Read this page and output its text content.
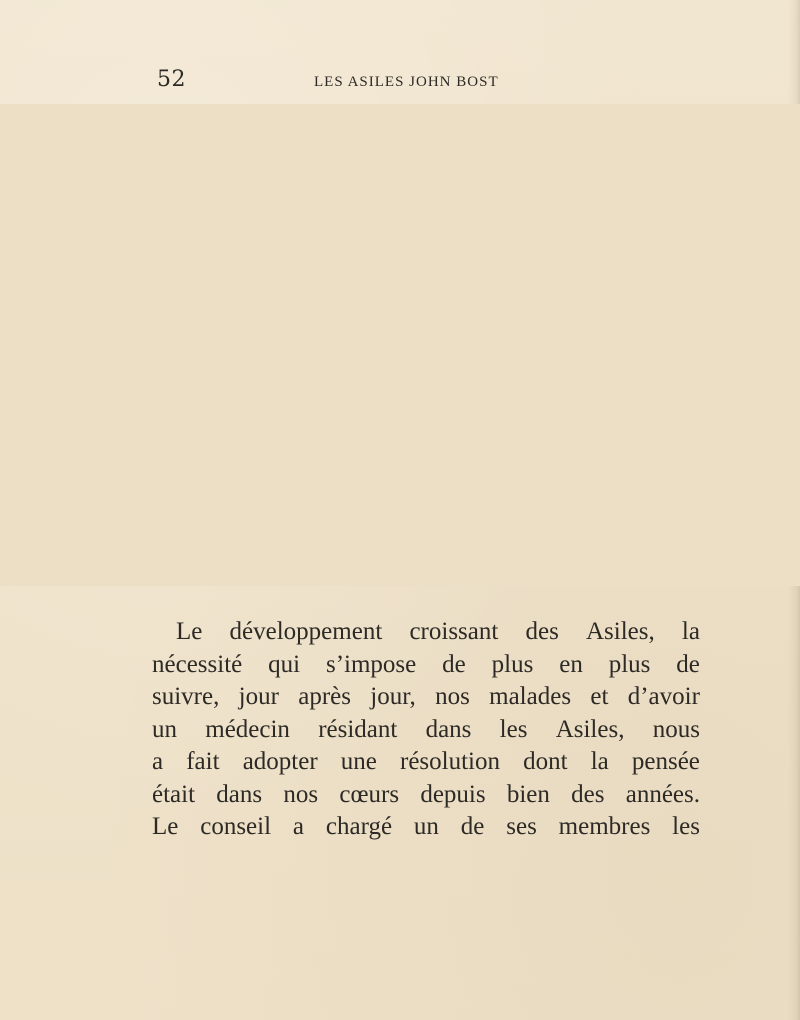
52	LES ASILES JOHN BOST
Le développement croissant des Asiles, la
nécessité qui s’impose de plus en plus de
suivre, jour après jour, nos malades et d’avoir
un médecin résidant dans les Asiles, nous
a fait adopter une résolution dont la pensée
était dans nos cœurs depuis bien des années.
Le conseil a chargé un de ses membres les
